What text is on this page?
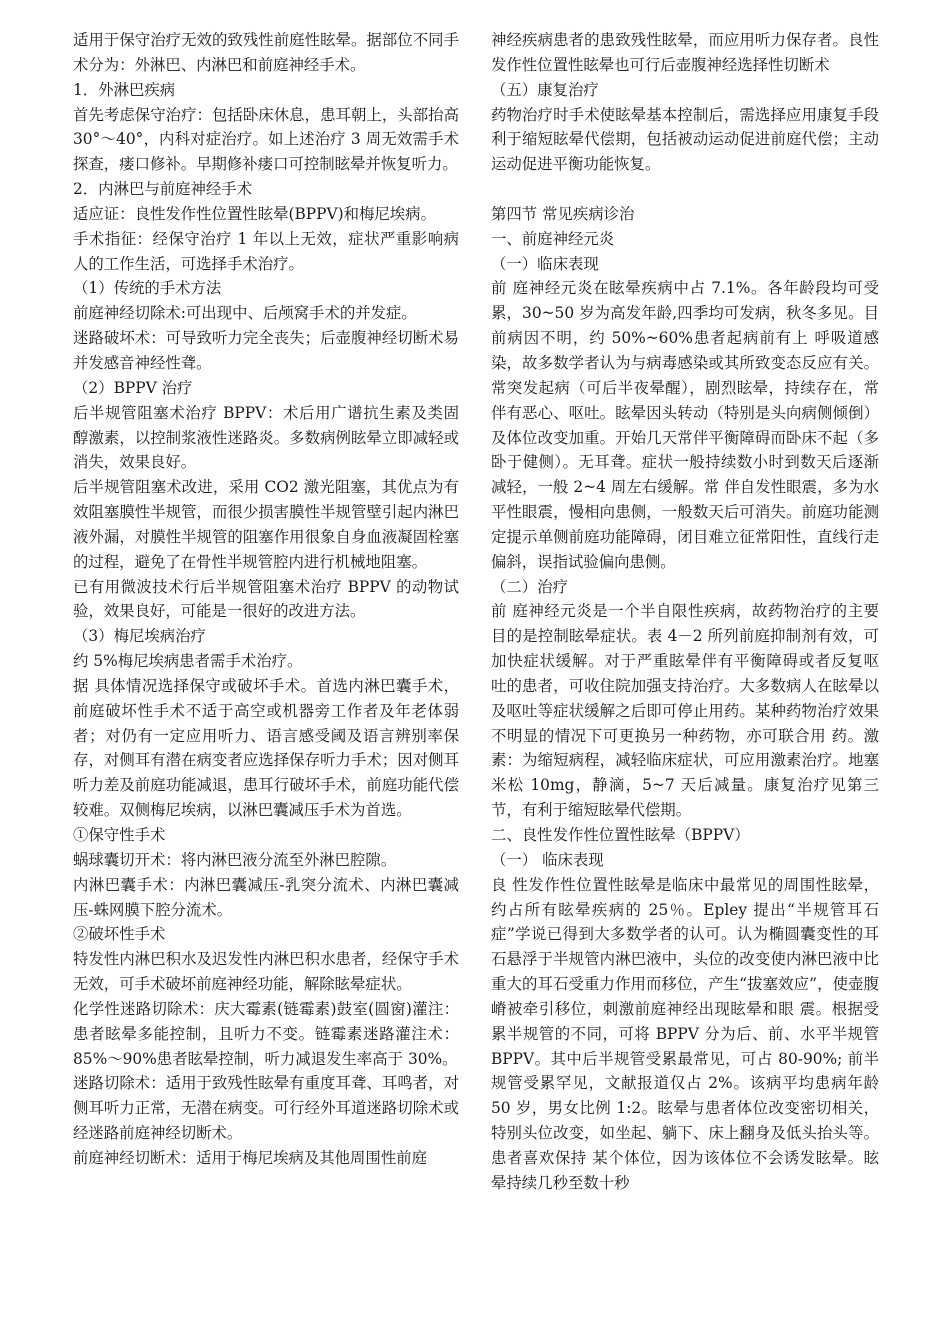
适用于保守治疗无效的致残性前庭性眩晕。据部位不同手术分为：外淋巴、内淋巴和前庭神经手术。

1．外淋巴疾病

首先考虑保守治疗：包括卧床休息，患耳朝上，头部抬高 30°～40°，内科对症治疗。如上述治疗 3 周无效需手术探查，瘘口修补。早期修补瘘口可控制眩晕并恢复听力。

2．内淋巴与前庭神经手术

适应证：良性发作性位置性眩晕(BPPV)和梅尼埃病。

手术指征：经保守治疗 1 年以上无效，症状严重影响病人的工作生活，可选择手术治疗。

（1）传统的手术方法

前庭神经切除术:可出现中、后颅窝手术的并发症。

迷路破坏术：可导致听力完全丧失；后壶腹神经切断术易并发感音神经性聋。

（2）BPPV 治疗

后半规管阻塞术治疗 BPPV：术后用广谱抗生素及类固醇激素，以控制浆液性迷路炎。多数病例眩晕立即减轻或消失，效果良好。

后半规管阻塞术改进，采用 CO2 激光阻塞，其优点为有效阻塞膜性半规管，而很少损害膜性半规管壁引起内淋巴液外漏，对膜性半规管的阻塞作用很象自身血液凝固栓塞的过程，避免了在骨性半规管腔内进行机械地阻塞。

已有用微波技术行后半规管阻塞术治疗 BPPV 的动物试验，效果良好，可能是一很好的改进方法。

（3）梅尼埃病治疗

约 5%梅尼埃病患者需手术治疗。

据 具体情况选择保守或破坏手术。首选内淋巴囊手术，前庭破坏性手术不适于高空或机器旁工作者及年老体弱者；对仍有一定应用听力、语言感受阈及语言辨别率保 存，对侧耳有潜在病变者应选择保存听力手术；因对侧耳听力差及前庭功能减退，患耳行破坏手术，前庭功能代偿较难。双侧梅尼埃病，以淋巴囊减压手术为首选。

①保守性手术

蜗球囊切开术：将内淋巴液分流至外淋巴腔隙。

内淋巴囊手术：内淋巴囊减压-乳突分流术、内淋巴囊减压-蛛网膜下腔分流术。

②破坏性手术

特发性内淋巴积水及迟发性内淋巴积水患者，经保守手术无效，可手术破坏前庭神经功能，解除眩晕症状。

化学性迷路切除术：庆大霉素(链霉素)鼓室(圆窗)灌注：患者眩晕多能控制，且听力不变。链霉素迷路灌注术：85%～90%患者眩晕控制，听力减退发生率高于 30%。

迷路切除术：适用于致残性眩晕有重度耳聋、耳鸣者，对侧耳听力正常，无潜在病变。可行经外耳道迷路切除术或经迷路前庭神经切断术。

前庭神经切断术：适用于梅尼埃病及其他周围性前庭

神经疾病患者的患致残性眩晕，而应用听力保存者。良性发作性位置性眩晕也可行后壶腹神经选择性切断术

（五）康复治疗

药物治疗时手术使眩晕基本控制后，需选择应用康复手段利于缩短眩晕代偿期，包括被动运动促进前庭代偿；主动运动促进平衡功能恢复。

第四节 常见疾病诊治

一、前庭神经元炎

（一）临床表现

前 庭神经元炎在眩晕疾病中占 7.1%。各年龄段均可受累，30~50 岁为高发年龄,四季均可发病，秋冬多见。目前病因不明，约 50%~60%患者起病前有上 呼吸道感染，故多数学者认为与病毒感染或其所致变态反应有关。常突发起病（可后半夜晕醒），剧烈眩晕，持续存在，常伴有恶心、呕吐。眩晕因头转动（特别是头向病侧倾倒）及体位改变加重。开始几天常伴平衡障碍而卧床不起（多卧于健侧）。无耳聋。症状一般持续数小时到数天后逐渐减轻，一般 2~4 周左右缓解。常 伴自发性眼震，多为水平性眼震，慢相向患侧，一般数天后可消失。前庭功能测定提示单侧前庭功能障碍，闭目难立征常阳性，直线行走偏斜，误指试验偏向患侧。

（二）治疗

前 庭神经元炎是一个半自限性疾病，故药物治疗的主要目的是控制眩晕症状。表 4－2 所列前庭抑制剂有效，可加快症状缓解。对于严重眩晕伴有平衡障碍或者反复呕 吐的患者，可收住院加强支持治疗。大多数病人在眩晕以及呕吐等症状缓解之后即可停止用药。某种药物治疗效果不明显的情况下可更换另一种药物，亦可联合用 药。激素：为缩短病程，减轻临床症状，可应用激素治疗。地塞米松 10mg，静滴，5~7 天后减量。康复治疗见第三节，有利于缩短眩晕代偿期。

二、良性发作性位置性眩晕（BPPV）

（一） 临床表现

良 性发作性位置性眩晕是临床中最常见的周围性眩晕，约占所有眩晕疾病的 25％。Epley 提出“半规管耳石症”学说已得到大多数学者的认可。认为椭圆囊变性的耳石悬浮于半规管内淋巴液中，头位的改变使内淋巴液中比重大的耳石受重力作用而移位，产生“拔塞效应”，使壶腹嵴被牵引移位，刺激前庭神经出现眩晕和眼 震。根据受累半规管的不同，可将 BPPV 分为后、前、水平半规管 BPPV。其中后半规管受累最常见，可占 80-90%; 前半规管受累罕见，文献报道仅占 2%。该病平均患病年龄 50 岁，男女比例 1:2。眩晕与患者体位改变密切相关，特别头位改变，如坐起、躺下、床上翻身及低头抬头等。患者喜欢保持 某个体位，因为该体位不会诱发眩晕。眩晕持续几秒至数十秒
